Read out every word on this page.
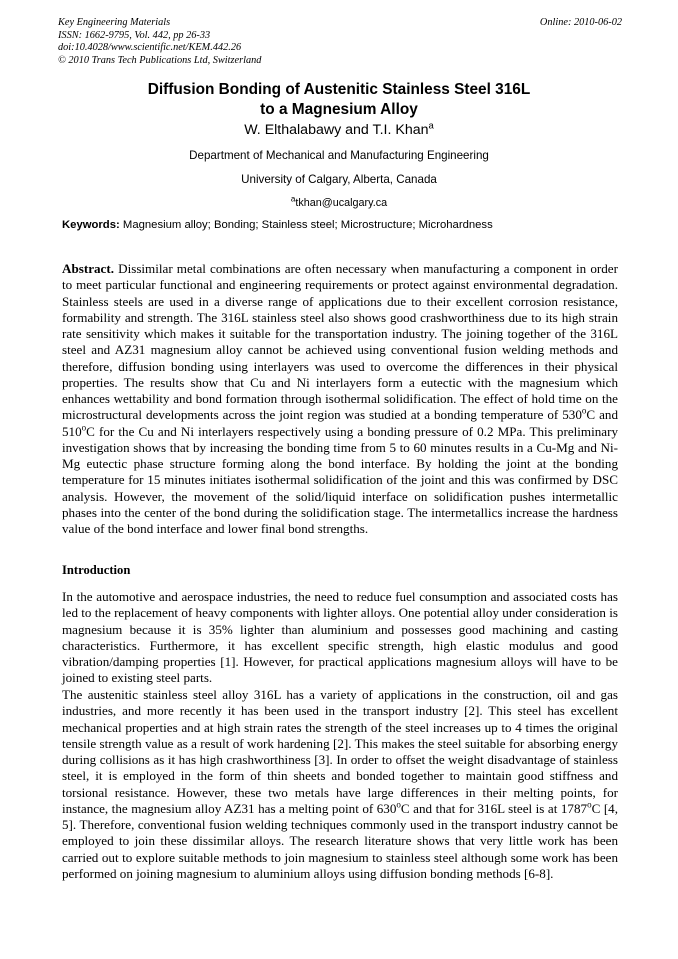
Key Engineering Materials	Online: 2010-06-02
ISSN: 1662-9795, Vol. 442, pp 26-33
doi:10.4028/www.scientific.net/KEM.442.26
© 2010 Trans Tech Publications Ltd, Switzerland
Diffusion Bonding of Austenitic Stainless Steel 316L
to a Magnesium Alloy
W. Elthalabawy and T.I. Khan$^a$
Department of Mechanical and Manufacturing Engineering
University of Calgary, Alberta, Canada
$^a$tkhan@ucalgary.ca
Keywords: Magnesium alloy; Bonding; Stainless steel; Microstructure; Microhardness
Abstract. Dissimilar metal combinations are often necessary when manufacturing a component in order to meet particular functional and engineering requirements or protect against environmental degradation. Stainless steels are used in a diverse range of applications due to their excellent corrosion resistance, formability and strength. The 316L stainless steel also shows good crashworthiness due to its high strain rate sensitivity which makes it suitable for the transportation industry. The joining together of the 316L steel and AZ31 magnesium alloy cannot be achieved using conventional fusion welding methods and therefore, diffusion bonding using interlayers was used to overcome the differences in their physical properties. The results show that Cu and Ni interlayers form a eutectic with the magnesium which enhances wettability and bond formation through isothermal solidification. The effect of hold time on the microstructural developments across the joint region was studied at a bonding temperature of 530$^o$C and 510$^o$C for the Cu and Ni interlayers respectively using a bonding pressure of 0.2 MPa. This preliminary investigation shows that by increasing the bonding time from 5 to 60 minutes results in a Cu-Mg and Ni-Mg eutectic phase structure forming along the bond interface. By holding the joint at the bonding temperature for 15 minutes initiates isothermal solidification of the joint and this was confirmed by DSC analysis. However, the movement of the solid/liquid interface on solidification pushes intermetallic phases into the center of the bond during the solidification stage. The intermetallics increase the hardness value of the bond interface and lower final bond strengths.
Introduction
In the automotive and aerospace industries, the need to reduce fuel consumption and associated costs has led to the replacement of heavy components with lighter alloys. One potential alloy under consideration is magnesium because it is 35% lighter than aluminium and possesses good machining and casting characteristics. Furthermore, it has excellent specific strength, high elastic modulus and good vibration/damping properties [1]. However, for practical applications magnesium alloys will have to be joined to existing steel parts.
The austenitic stainless steel alloy 316L has a variety of applications in the construction, oil and gas industries, and more recently it has been used in the transport industry [2]. This steel has excellent mechanical properties and at high strain rates the strength of the steel increases up to 4 times the original tensile strength value as a result of work hardening [2]. This makes the steel suitable for absorbing energy during collisions as it has high crashworthiness [3]. In order to offset the weight disadvantage of stainless steel, it is employed in the form of thin sheets and bonded together to maintain good stiffness and torsional resistance. However, these two metals have large differences in their melting points, for instance, the magnesium alloy AZ31 has a melting point of 630$^o$C and that for 316L steel is at 1787$^o$C [4, 5]. Therefore, conventional fusion welding techniques commonly used in the transport industry cannot be employed to join these dissimilar alloys. The research literature shows that very little work has been carried out to explore suitable methods to join magnesium to stainless steel although some work has been performed on joining magnesium to aluminium alloys using diffusion bonding methods [6-8].
